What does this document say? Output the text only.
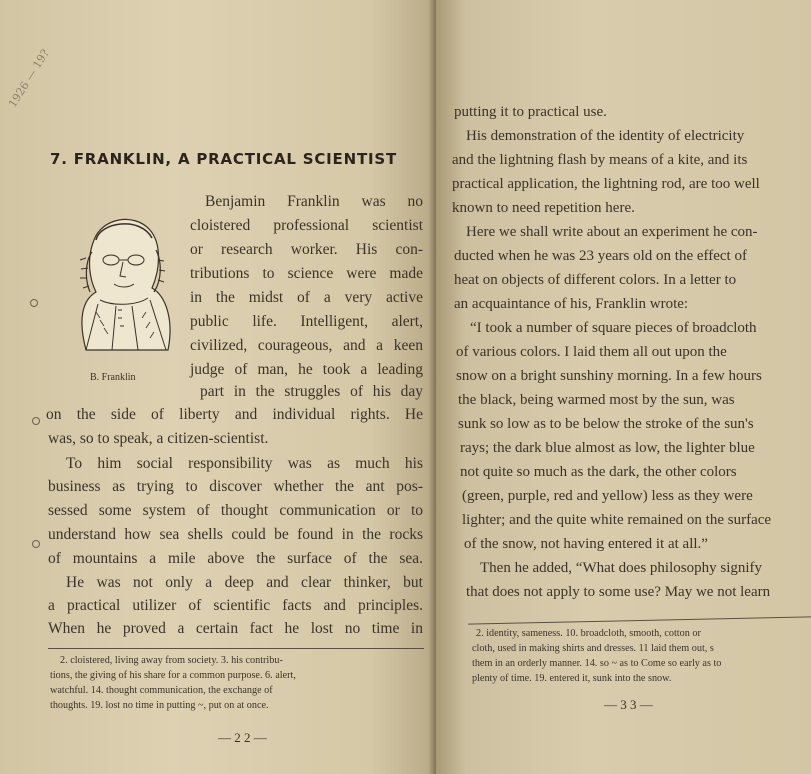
1926 — 19?
7. FRANKLIN, A PRACTICAL SCIENTIST
B. Franklin
Benjamin Franklin was no
cloistered professional scientist
or research worker. His con-
tributions to science were made
in the midst of a very active
public life. Intelligent, alert,
civilized, courageous, and a keen
judge of man, he took a leading
part in the struggles of his day
on the side of liberty and individual rights. He
was, so to speak, a citizen-scientist.
To him social responsibility was as much his
business as trying to discover whether the ant pos-
sessed some system of thought communication or to
understand how sea shells could be found in the rocks
of mountains a mile above the surface of the sea.
He was not only a deep and clear thinker, but
a practical utilizer of scientific facts and principles.
When he proved a certain fact he lost no time in
2. cloistered, living away from society. 3. his contribu-
tions, the giving of his share for a common purpose. 6. alert,
watchful. 14. thought communication, the exchange of
thoughts. 19. lost no time in putting ~, put on at once.
— 2 2 —
putting it to practical use.
His demonstration of the identity of electricity
and the lightning flash by means of a kite, and its
practical application, the lightning rod, are too well
known to need repetition here.
Here we shall write about an experiment he con-
ducted when he was 23 years old on the effect of
heat on objects of different colors. In a letter to
an acquaintance of his, Franklin wrote:
“I took a number of square pieces of broadcloth
of various colors. I laid them all out upon the
snow on a bright sunshiny morning. In a few hours
the black, being warmed most by the sun, was
sunk so low as to be below the stroke of the sun's
rays; the dark blue almost as low, the lighter blue
not quite so much as the dark, the other colors
(green, purple, red and yellow) less as they were
lighter; and the quite white remained on the surface
of the snow, not having entered it at all.”
Then he added, “What does philosophy signify
that does not apply to some use? May we not learn
2. identity, sameness. 10. broadcloth, smooth, cotton or
cloth, used in making shirts and dresses. 11 laid them out, s
them in an orderly manner. 14. so ~ as to Come so early as to
plenty of time. 19. entered it, sunk into the snow.
— 3 3 —
